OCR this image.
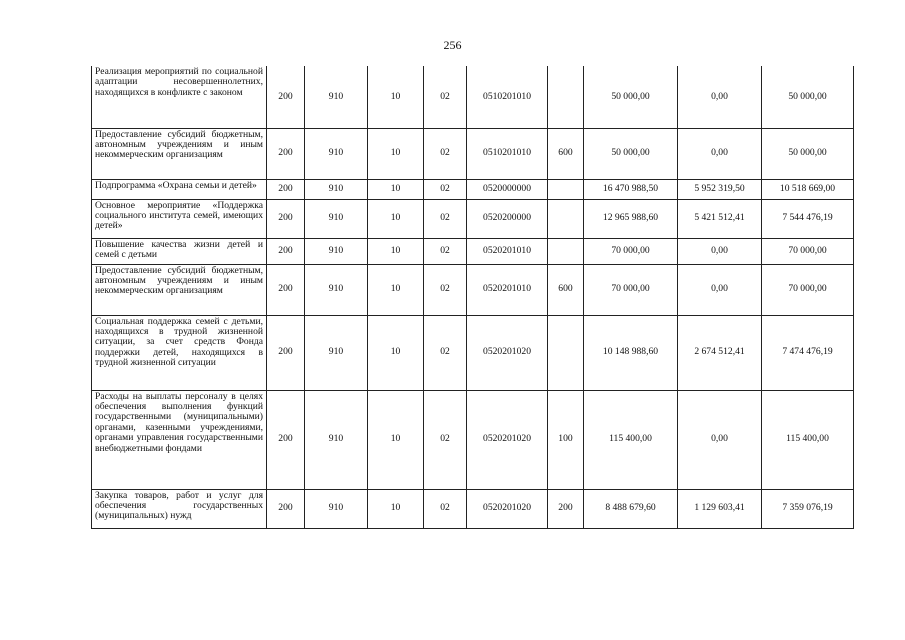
256
Реализация мероприятий по социальной адаптации несовершеннолетних, находящихся в конфликте с законом	200	910	10	02	0510201010		50 000,00	0,00	50 000,00
Предоставление субсидий бюджетным, автономным учреждениям и иным некоммерческим организациям	200	910	10	02	0510201010	600	50 000,00	0,00	50 000,00
Подпрограмма «Охрана семьи и детей»	200	910	10	02	0520000000		16 470 988,50	5 952 319,50	10 518 669,00
Основное мероприятие «Поддержка социального института семей, имеющих детей»	200	910	10	02	0520200000		12 965 988,60	5 421 512,41	7 544 476,19
Повышение качества жизни детей и семей с детьми	200	910	10	02	0520201010		70 000,00	0,00	70 000,00
Предоставление субсидий бюджетным, автономным учреждениям и иным некоммерческим организациям	200	910	10	02	0520201010	600	70 000,00	0,00	70 000,00
Социальная поддержка семей с детьми, находящихся в трудной жизненной ситуации, за счет средств Фонда поддержки детей, находящихся в трудной жизненной ситуации	200	910	10	02	0520201020		10 148 988,60	2 674 512,41	7 474 476,19
Расходы на выплаты персоналу в целях обеспечения выполнения функций государственными (муниципальными) органами, казенными учреждениями, органами управления государственными внебюджетными фондами	200	910	10	02	0520201020	100	115 400,00	0,00	115 400,00
Закупка товаров, работ и услуг для обеспечения государственных (муниципальных) нужд	200	910	10	02	0520201020	200	8 488 679,60	1 129 603,41	7 359 076,19
